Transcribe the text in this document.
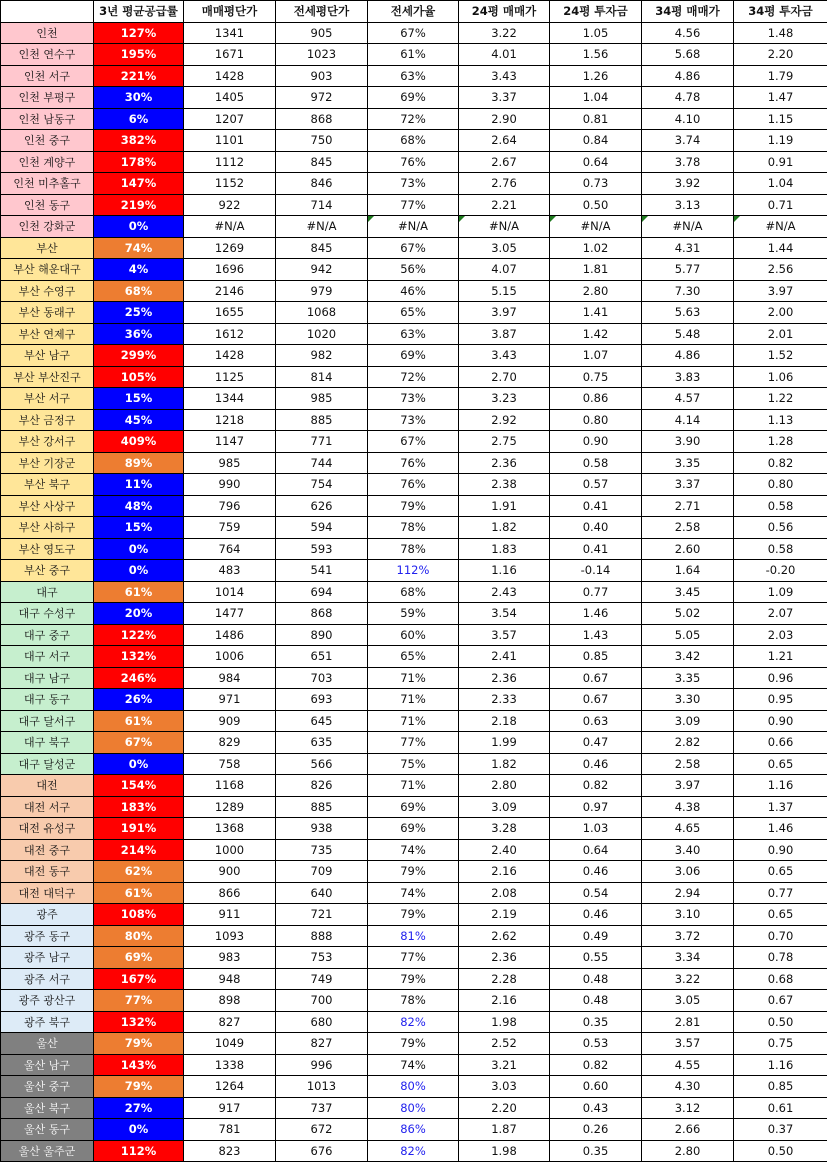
	3년 평균공급률	매매평단가	전세평단가	전세가율	24평 매매가	24평 투자금	34평 매매가	34평 투자금
인천	127%	1341	905	67%	3.22	1.05	4.56	1.48
인천 연수구	195%	1671	1023	61%	4.01	1.56	5.68	2.20
인천 서구	221%	1428	903	63%	3.43	1.26	4.86	1.79
인천 부평구	30%	1405	972	69%	3.37	1.04	4.78	1.47
인천 남동구	6%	1207	868	72%	2.90	0.81	4.10	1.15
인천 중구	382%	1101	750	68%	2.64	0.84	3.74	1.19
인천 계양구	178%	1112	845	76%	2.67	0.64	3.78	0.91
인천 미추홀구	147%	1152	846	73%	2.76	0.73	3.92	1.04
인천 동구	219%	922	714	77%	2.21	0.50	3.13	0.71
인천 강화군	0%	#N/A	#N/A	#N/A	#N/A	#N/A	#N/A	#N/A
부산	74%	1269	845	67%	3.05	1.02	4.31	1.44
부산 해운대구	4%	1696	942	56%	4.07	1.81	5.77	2.56
부산 수영구	68%	2146	979	46%	5.15	2.80	7.30	3.97
부산 동래구	25%	1655	1068	65%	3.97	1.41	5.63	2.00
부산 연제구	36%	1612	1020	63%	3.87	1.42	5.48	2.01
부산 남구	299%	1428	982	69%	3.43	1.07	4.86	1.52
부산 부산진구	105%	1125	814	72%	2.70	0.75	3.83	1.06
부산 서구	15%	1344	985	73%	3.23	0.86	4.57	1.22
부산 금정구	45%	1218	885	73%	2.92	0.80	4.14	1.13
부산 강서구	409%	1147	771	67%	2.75	0.90	3.90	1.28
부산 기장군	89%	985	744	76%	2.36	0.58	3.35	0.82
부산 북구	11%	990	754	76%	2.38	0.57	3.37	0.80
부산 사상구	48%	796	626	79%	1.91	0.41	2.71	0.58
부산 사하구	15%	759	594	78%	1.82	0.40	2.58	0.56
부산 영도구	0%	764	593	78%	1.83	0.41	2.60	0.58
부산 중구	0%	483	541	112%	1.16	-0.14	1.64	-0.20
대구	61%	1014	694	68%	2.43	0.77	3.45	1.09
대구 수성구	20%	1477	868	59%	3.54	1.46	5.02	2.07
대구 중구	122%	1486	890	60%	3.57	1.43	5.05	2.03
대구 서구	132%	1006	651	65%	2.41	0.85	3.42	1.21
대구 남구	246%	984	703	71%	2.36	0.67	3.35	0.96
대구 동구	26%	971	693	71%	2.33	0.67	3.30	0.95
대구 달서구	61%	909	645	71%	2.18	0.63	3.09	0.90
대구 북구	67%	829	635	77%	1.99	0.47	2.82	0.66
대구 달성군	0%	758	566	75%	1.82	0.46	2.58	0.65
대전	154%	1168	826	71%	2.80	0.82	3.97	1.16
대전 서구	183%	1289	885	69%	3.09	0.97	4.38	1.37
대전 유성구	191%	1368	938	69%	3.28	1.03	4.65	1.46
대전 중구	214%	1000	735	74%	2.40	0.64	3.40	0.90
대전 동구	62%	900	709	79%	2.16	0.46	3.06	0.65
대전 대덕구	61%	866	640	74%	2.08	0.54	2.94	0.77
광주	108%	911	721	79%	2.19	0.46	3.10	0.65
광주 동구	80%	1093	888	81%	2.62	0.49	3.72	0.70
광주 남구	69%	983	753	77%	2.36	0.55	3.34	0.78
광주 서구	167%	948	749	79%	2.28	0.48	3.22	0.68
광주 광산구	77%	898	700	78%	2.16	0.48	3.05	0.67
광주 북구	132%	827	680	82%	1.98	0.35	2.81	0.50
울산	79%	1049	827	79%	2.52	0.53	3.57	0.75
울산 남구	143%	1338	996	74%	3.21	0.82	4.55	1.16
울산 중구	79%	1264	1013	80%	3.03	0.60	4.30	0.85
울산 북구	27%	917	737	80%	2.20	0.43	3.12	0.61
울산 동구	0%	781	672	86%	1.87	0.26	2.66	0.37
울산 울주군	112%	823	676	82%	1.98	0.35	2.80	0.50
